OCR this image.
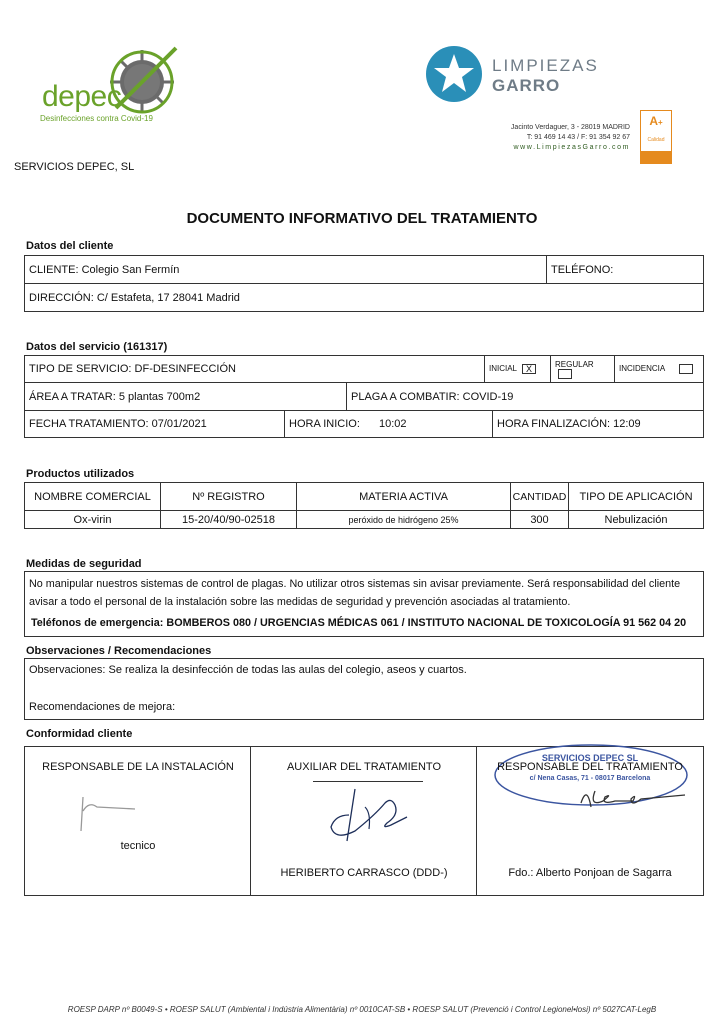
depec
Desinfecciones contra Covid-19
LIMPIEZAS
GARRO
Jacinto Verdaguer, 3 - 28019 MADRID
T: 91 469 14 43 / F: 91 354 92 67
www.LimpiezasGarro.com
A+
Calidad
SERVICIOS DEPEC, SL
DOCUMENTO INFORMATIVO DEL TRATAMIENTO
Datos del cliente
CLIENTE: Colegio San Fermín	TELÉFONO:
DIRECCIÓN: C/ Estafeta, 17 28041 Madrid
Datos del servicio (161317)
TIPO DE SERVICIO: DF-DESINFECCIÓN	INICIAL X	REGULAR	INCIDENCIA
ÁREA A TRATAR: 5 plantas 700m2	PLAGA A COMBATIR: COVID-19
FECHA TRATAMIENTO: 07/01/2021	HORA INICIO: 10:02	HORA FINALIZACIÓN: 12:09
Productos utilizados
NOMBRE COMERCIAL	Nº REGISTRO	MATERIA ACTIVA	CANTIDAD	TIPO DE APLICACIÓN
Ox-virin	15-20/40/90-02518	peróxido de hidrógeno 25%	300	Nebulización
Medidas de seguridad
No manipular nuestros sistemas de control de plagas. No utilizar otros sistemas sin avisar previamente. Será responsabilidad del cliente
avisar a todo el personal de la instalación sobre las medidas de seguridad y prevención asociadas al tratamiento.
Teléfonos de emergencia: BOMBEROS 080 / URGENCIAS MÉDICAS 061 / INSTITUTO NACIONAL DE TOXICOLOGÍA 91 562 04 20
Observaciones / Recomendaciones
Observaciones: Se realiza la desinfección de todas las aulas del colegio, aseos y cuartos.
Recomendaciones de mejora:
Conformidad cliente
RESPONSABLE DE LA INSTALACIÓN
tecnico
AUXILIAR DEL TRATAMIENTO
HERIBERTO CARRASCO (DDD-)
SERVICIOS DEPEC SL
c/ Nena Casas, 71 - 08017 Barcelona
RESPONSABLE DEL TRATAMIENTO
Fdo.: Alberto Ponjoan de Sagarra
ROESP DARP nº B0049-S • ROESP SALUT (Ambiental i Indústria Alimentària) nº 0010CAT-SB • ROESP SALUT (Prevenció i Control Legionel•losi) nº 5027CAT-LegB
